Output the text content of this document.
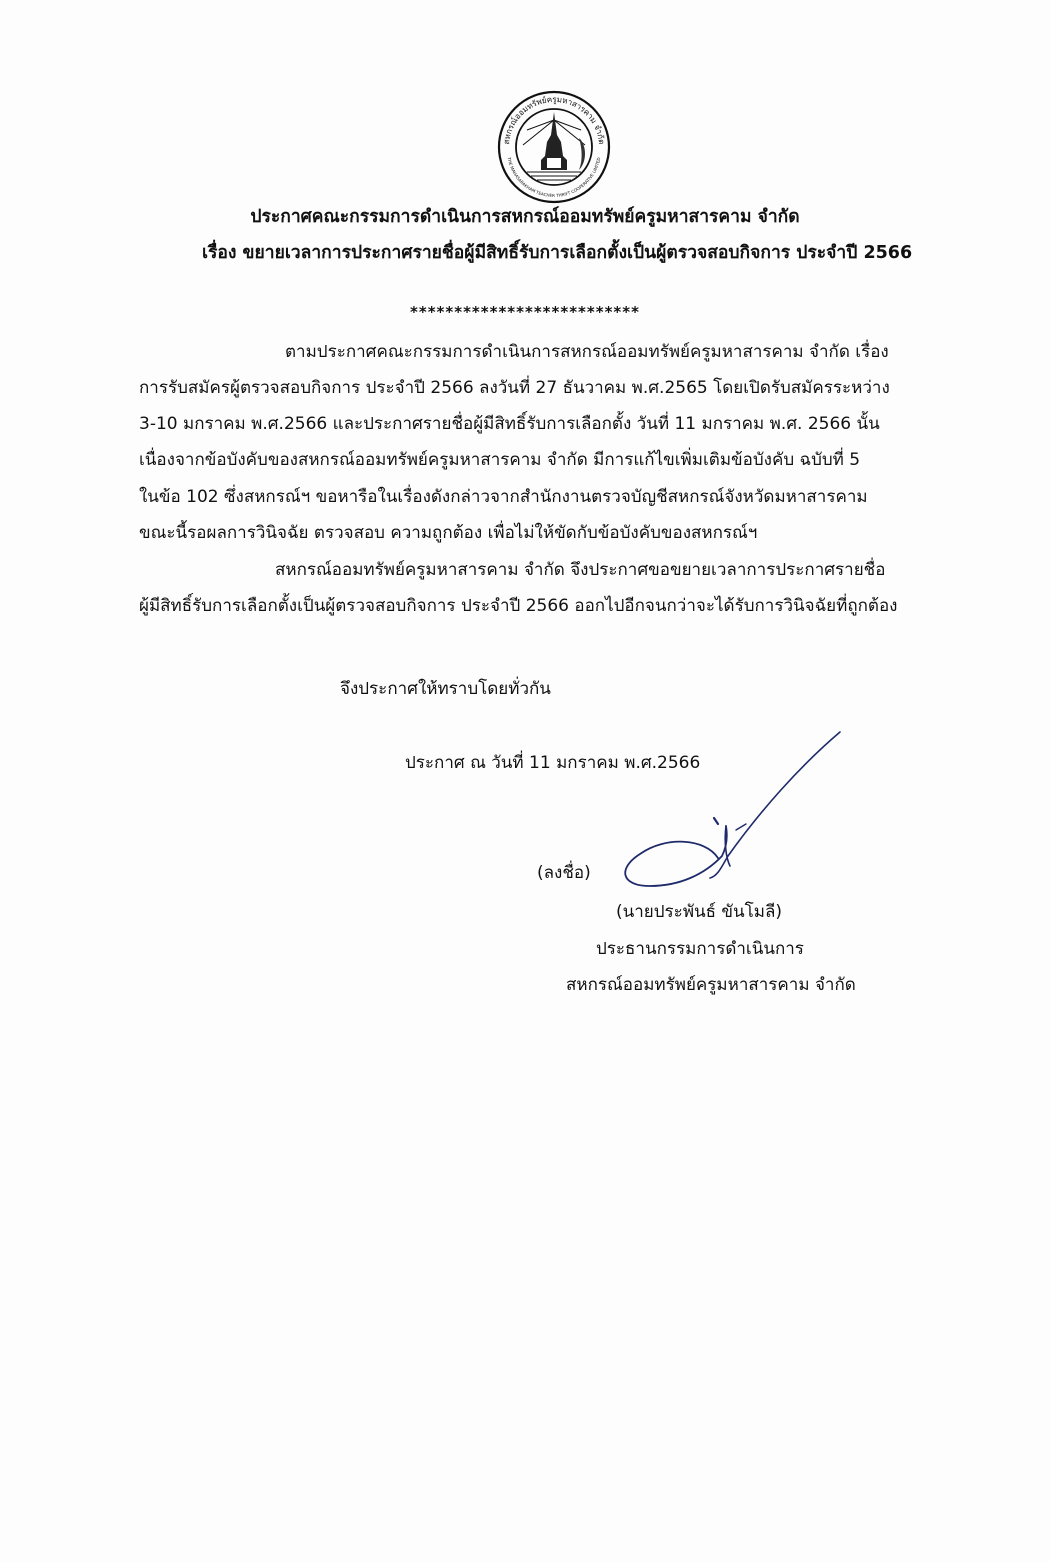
สหกรณ์ออมทรัพย์ครูมหาสารคาม จำกัด
THE MAHASARAKHAM TEACHER THRIFT COOPERATIVE LIMITED
ประกาศคณะกรรมการดำเนินการสหกรณ์ออมทรัพย์ครูมหาสารคาม จำกัด
เรื่อง ขยายเวลาการประกาศรายชื่อผู้มีสิทธิ์รับการเลือกตั้งเป็นผู้ตรวจสอบกิจการ ประจำปี 2566
**************************
ตามประกาศคณะกรรมการดำเนินการสหกรณ์ออมทรัพย์ครูมหาสารคาม จำกัด เรื่อง
การรับสมัครผู้ตรวจสอบกิจการ ประจำปี 2566 ลงวันที่ 27 ธันวาคม พ.ศ.2565 โดยเปิดรับสมัครระหว่าง
3-10 มกราคม พ.ศ.2566 และประกาศรายชื่อผู้มีสิทธิ์รับการเลือกตั้ง วันที่ 11 มกราคม พ.ศ. 2566 นั้น
เนื่องจากข้อบังคับของสหกรณ์ออมทรัพย์ครูมหาสารคาม จำกัด มีการแก้ไขเพิ่มเติมข้อบังคับ ฉบับที่ 5
ในข้อ 102 ซึ่งสหกรณ์ฯ ขอหารือในเรื่องดังกล่าวจากสำนักงานตรวจบัญชีสหกรณ์จังหวัดมหาสารคาม
ขณะนี้รอผลการวินิจฉัย ตรวจสอบ ความถูกต้อง เพื่อไม่ให้ขัดกับข้อบังคับของสหกรณ์ฯ
สหกรณ์ออมทรัพย์ครูมหาสารคาม จำกัด จึงประกาศขอขยายเวลาการประกาศรายชื่อ
ผู้มีสิทธิ์รับการเลือกตั้งเป็นผู้ตรวจสอบกิจการ ประจำปี 2566 ออกไปอีกจนกว่าจะได้รับการวินิจฉัยที่ถูกต้อง
จึงประกาศให้ทราบโดยทั่วกัน
ประกาศ ณ วันที่ 11 มกราคม พ.ศ.2566
(ลงชื่อ)
(นายประพันธ์ ขันโมลี)
ประธานกรรมการดำเนินการ
สหกรณ์ออมทรัพย์ครูมหาสารคาม จำกัด
